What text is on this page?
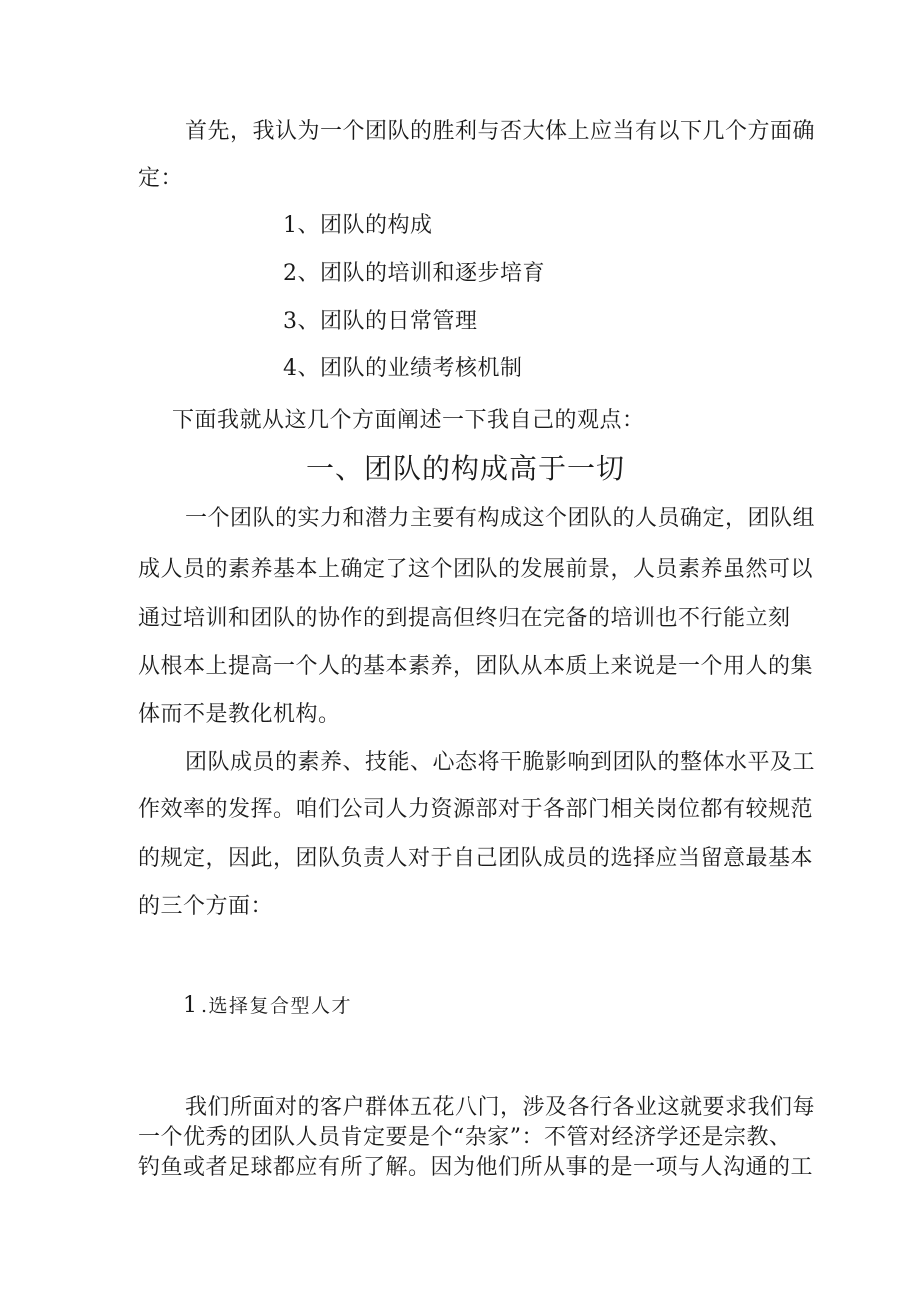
首先，我认为一个团队的胜利与否大体上应当有以下几个方面确
定：
1、团队的构成
2、团队的培训和逐步培育
3、团队的日常管理
4、团队的业绩考核机制
下面我就从这几个方面阐述一下我自己的观点：
一、团队的构成高于一切
一个团队的实力和潜力主要有构成这个团队的人员确定，团队组
成人员的素养基本上确定了这个团队的发展前景，人员素养虽然可以
通过培训和团队的协作的到提高但终归在完备的培训也不行能立刻
从根本上提高一个人的基本素养，团队从本质上来说是一个用人的集
体而不是教化机构。
团队成员的素养、技能、心态将干脆影响到团队的整体水平及工
作效率的发挥。咱们公司人力资源部对于各部门相关岗位都有较规范
的规定，因此，团队负责人对于自己团队成员的选择应当留意最基本
的三个方面：
1 .选择复合型人才
我们所面对的客户群体五花八门，涉及各行各业这就要求我们每
一个优秀的团队人员肯定要是个“杂家”：不管对经济学还是宗教、
钓鱼或者足球都应有所了解。因为他们所从事的是一项与人沟通的工
